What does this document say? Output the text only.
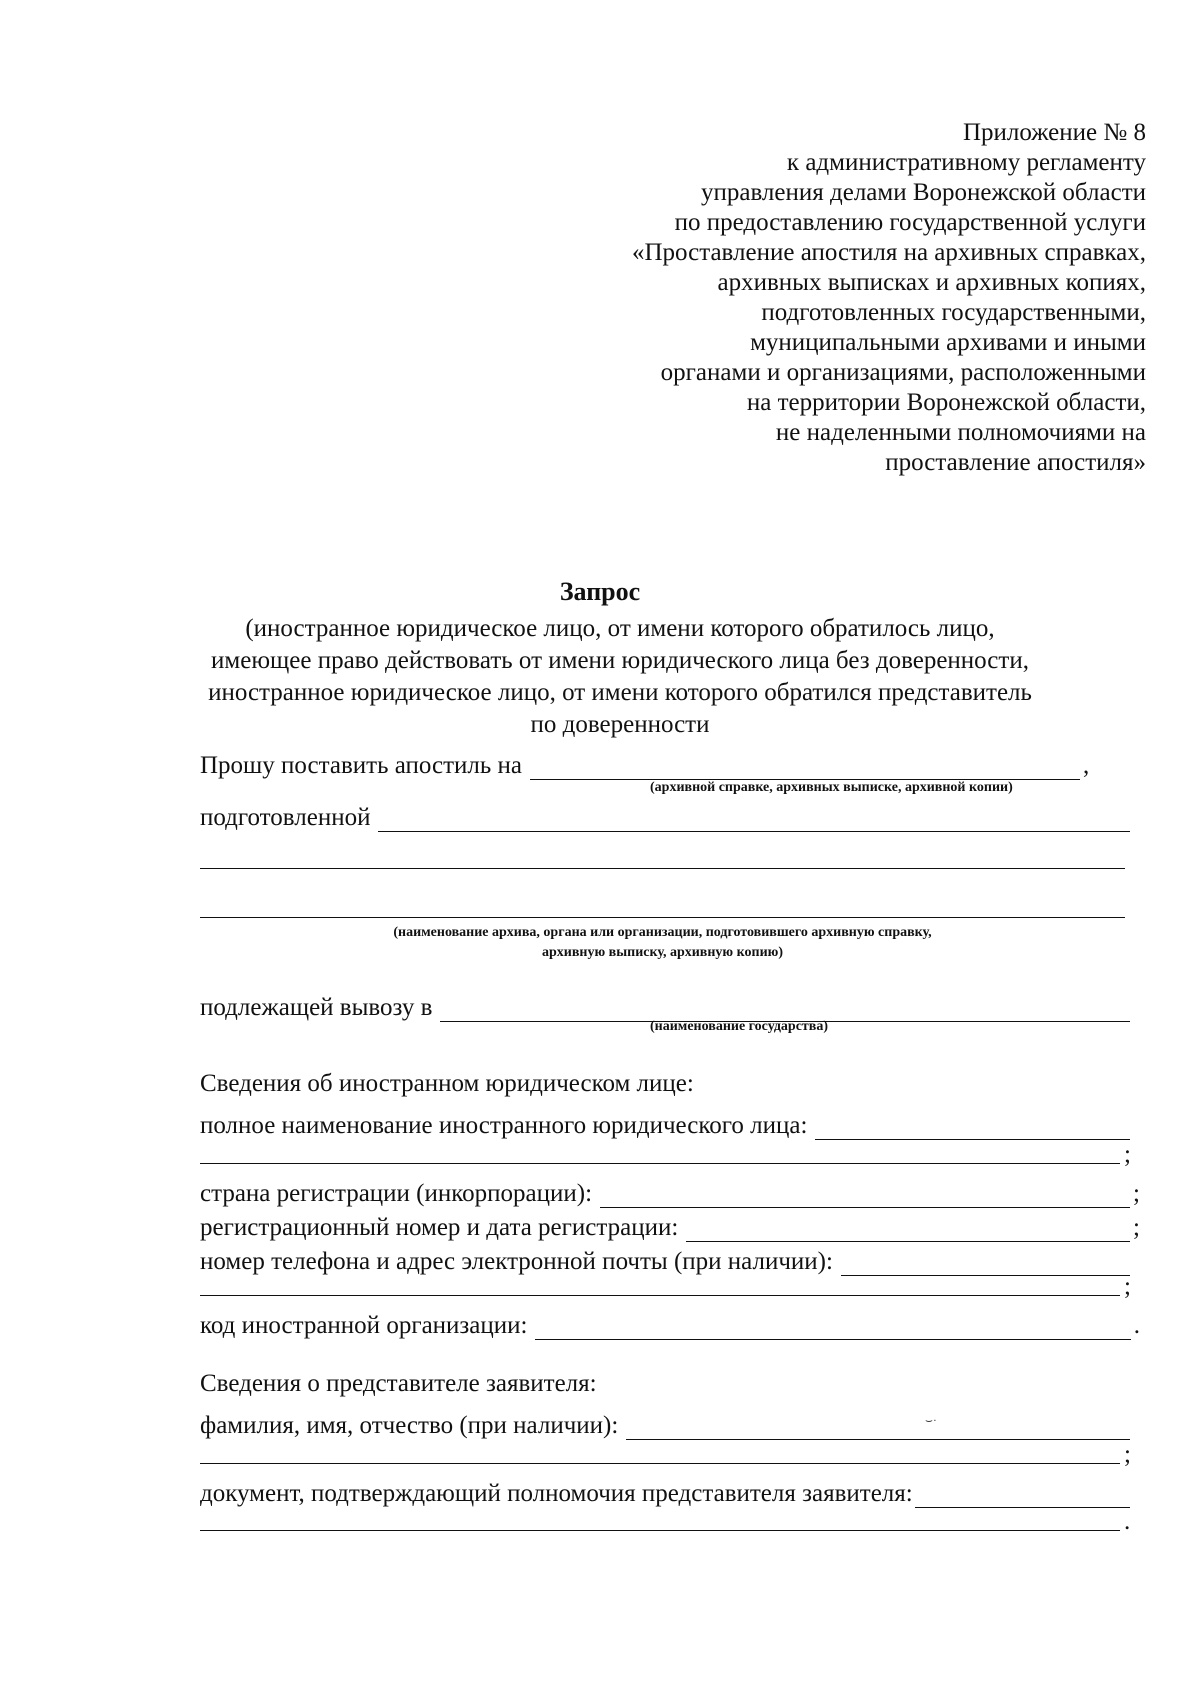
Приложение № 8
к административному регламенту
управления делами Воронежской области
по предоставлению государственной услуги
«Проставление апостиля на архивных справках,
архивных выписках и архивных копиях,
подготовленных государственными,
муниципальными архивами и иными
органами и организациями, расположенными
на территории Воронежской области,
не наделенными полномочиями на
проставление апостиля»
Запрос
(иностранное юридическое лицо, от имени которого обратилось лицо,
имеющее право действовать от имени юридического лица без доверенности,
иностранное юридическое лицо, от имени которого обратился представитель
по доверенности
Прошу поставить апостиль на	,
(архивной справке, архивных выписке, архивной копии)
подготовленной
(наименование архива, органа или организации, подготовившего архивную справку,
архивную выписку, архивную копию)
подлежащей вывозу в
(наименование государства)
Сведения об иностранном юридическом лице:
полное наименование иностранного юридического лица:
;
страна регистрации (инкорпорации):	;
регистрационный номер и дата регистрации:	;
номер телефона и адрес электронной почты (при наличии):
;
код иностранной организации:	.
Сведения о представителе заявителя:
фамилия, имя, отчество (при наличии):	⌣·
;
документ, подтверждающий полномочия представителя заявителя:
.
